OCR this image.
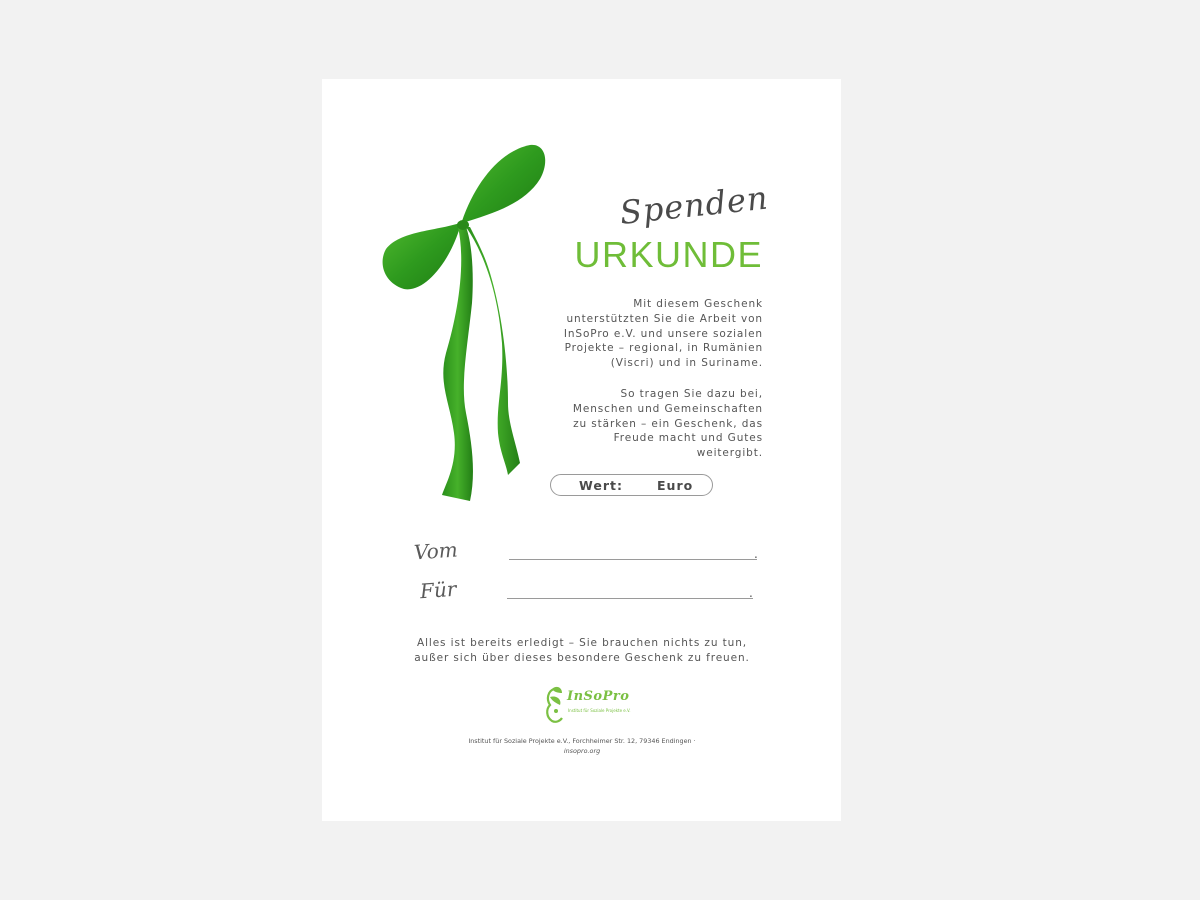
Spenden
URKUNDE

Mit diesem Geschenk
unterstützten Sie die Arbeit von
InSoPro e.V. und unsere sozialen
Projekte – regional, in Rumänien
(Viscri) und in Suriname.

So tragen Sie dazu bei,
Menschen und Gemeinschaften
zu stärken – ein Geschenk, das
Freude macht und Gutes
weitergibt.

Wert:	Euro
Vom	.
Für	.

Alles ist bereits erledigt – Sie brauchen nichts zu tun,
außer sich über dieses besondere Geschenk zu freuen.

InSoPro
Institut für Soziale Projekte e.V.
Institut für Soziale Projekte e.V., Forchheimer Str. 12, 79346 Endingen ·
insopro.org
